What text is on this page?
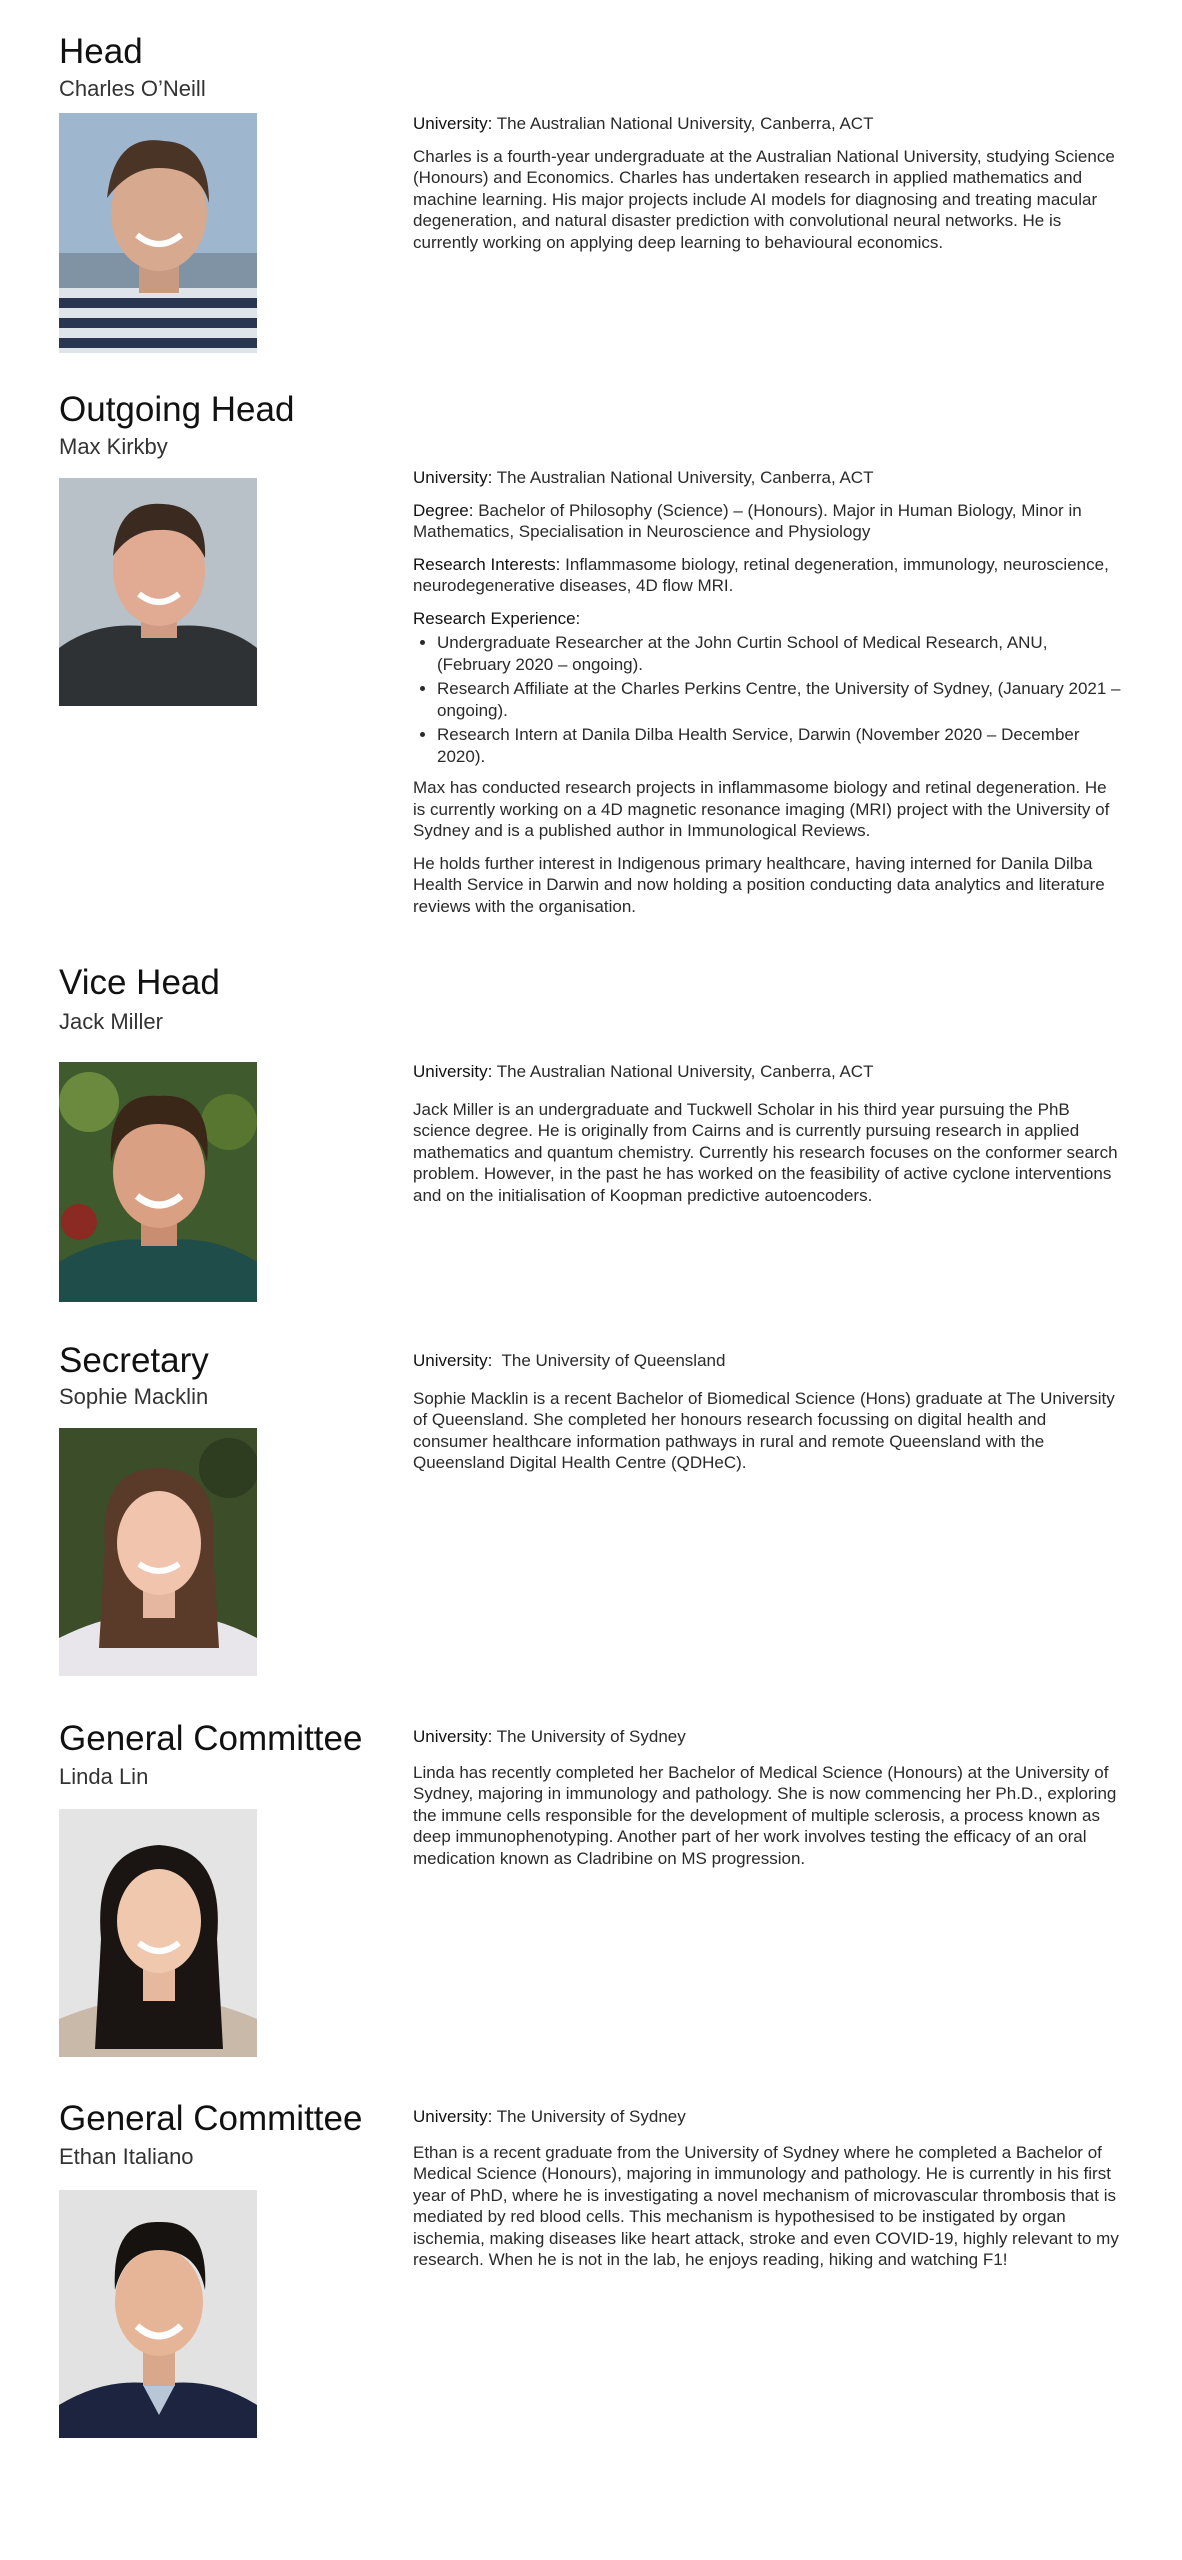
Head
Charles O’Neill

University: The Australian National University, Canberra, ACT

Charles is a fourth-year undergraduate at the Australian National University, studying Science (Honours) and Economics. Charles has undertaken research in applied mathematics and machine learning. His major projects include AI models for diagnosing and treating macular degeneration, and natural disaster prediction with convolutional neural networks. He is currently working on applying deep learning to behavioural economics.

Outgoing Head
Max Kirkby

University: The Australian National University, Canberra, ACT

Degree: Bachelor of Philosophy (Science) – (Honours). Major in Human Biology, Minor in Mathematics, Specialisation in Neuroscience and Physiology

Research Interests: Inflammasome biology, retinal degeneration, immunology, neuroscience, neurodegenerative diseases, 4D flow MRI.

Research Experience:

• Undergraduate Researcher at the John Curtin School of Medical Research, ANU, (February 2020 – ongoing).
• Research Affiliate at the Charles Perkins Centre, the University of Sydney, (January 2021 – ongoing).
• Research Intern at Danila Dilba Health Service, Darwin (November 2020 – December 2020).

Max has conducted research projects in inflammasome biology and retinal degeneration. He is currently working on a 4D magnetic resonance imaging (MRI) project with the University of Sydney and is a published author in Immunological Reviews.

He holds further interest in Indigenous primary healthcare, having interned for Danila Dilba Health Service in Darwin and now holding a position conducting data analytics and literature reviews with the organisation.

Vice Head
Jack Miller

University: The Australian National University, Canberra, ACT

Jack Miller is an undergraduate and Tuckwell Scholar in his third year pursuing the PhB science degree. He is originally from Cairns and is currently pursuing research in applied mathematics and quantum chemistry. Currently his research focuses on the conformer search problem. However, in the past he has worked on the feasibility of active cyclone interventions and on the initialisation of Koopman predictive autoencoders.

Secretary
Sophie Macklin

University: The University of Queensland

Sophie Macklin is a recent Bachelor of Biomedical Science (Hons) graduate at The University of Queensland. She completed her honours research focussing on digital health and consumer healthcare information pathways in rural and remote Queensland with the Queensland Digital Health Centre (QDHeC).

General Committee
Linda Lin

University: The University of Sydney

Linda has recently completed her Bachelor of Medical Science (Honours) at the University of Sydney, majoring in immunology and pathology. She is now commencing her Ph.D., exploring the immune cells responsible for the development of multiple sclerosis, a process known as deep immunophenotyping. Another part of her work involves testing the efficacy of an oral medication known as Cladribine on MS progression.

General Committee
Ethan Italiano

University: The University of Sydney

Ethan is a recent graduate from the University of Sydney where he completed a Bachelor of Medical Science (Honours), majoring in immunology and pathology. He is currently in his first year of PhD, where he is investigating a novel mechanism of microvascular thrombosis that is mediated by red blood cells. This mechanism is hypothesised to be instigated by organ ischemia, making diseases like heart attack, stroke and even COVID-19, highly relevant to my research. When he is not in the lab, he enjoys reading, hiking and watching F1!
